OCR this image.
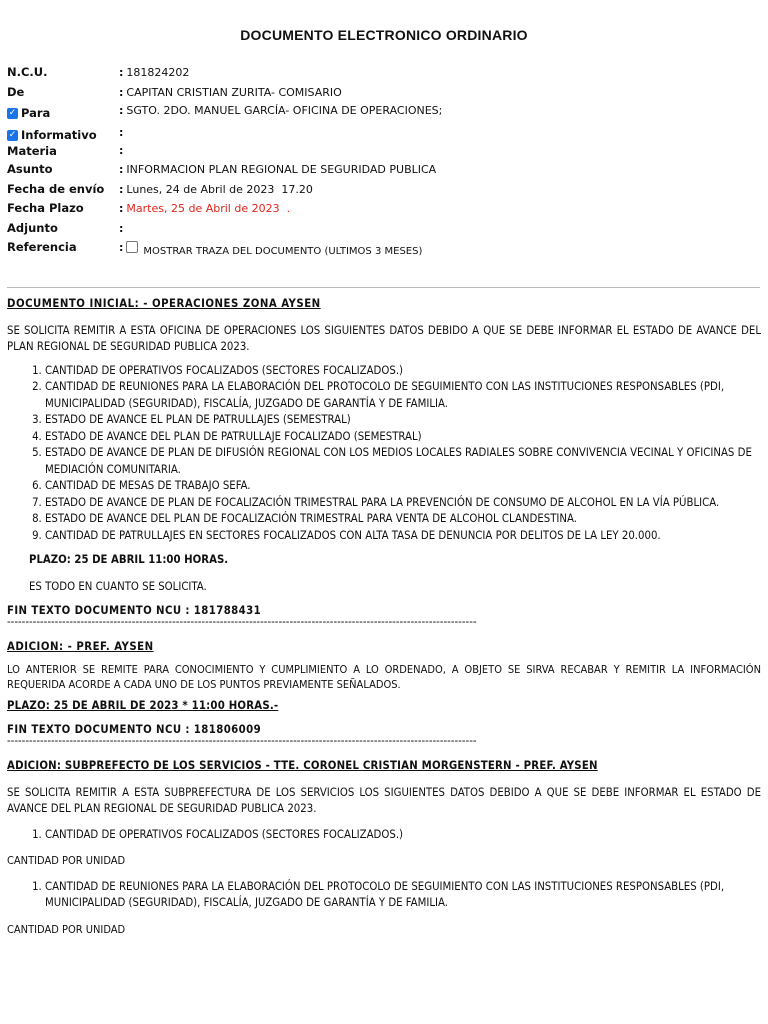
DOCUMENTO ELECTRONICO ORDINARIO
N.C.U.	: 181824202
De	: CAPITAN CRISTIAN ZURITA- COMISARIO
✓ Para	: SGTO. 2DO. MANUEL GARCÍA- OFICINA DE OPERACIONES;
✓ Informativo :
Materia	:
Asunto	: INFORMACION PLAN REGIONAL DE SEGURIDAD PUBLICA
Fecha de envío : Lunes, 24 de Abril de 2023  17.20
Fecha Plazo	: Martes, 25 de Abril de 2023  .
Adjunto	:
Referencia	: MOSTRAR TRAZA DEL DOCUMENTO (ULTIMOS 3 MESES)
DOCUMENTO INICIAL: - OPERACIONES ZONA AYSEN
SE SOLICITA REMITIR A ESTA OFICINA DE OPERACIONES LOS SIGUIENTES DATOS DEBIDO A QUE SE DEBE INFORMAR EL ESTADO DE AVANCE DEL PLAN REGIONAL DE SEGURIDAD PUBLICA 2023.
1. CANTIDAD DE OPERATIVOS FOCALIZADOS (SECTORES FOCALIZADOS.)
2. CANTIDAD DE REUNIONES PARA LA ELABORACIÓN DEL PROTOCOLO DE SEGUIMIENTO CON LAS INSTITUCIONES RESPONSABLES (PDI, MUNICIPALIDAD (SEGURIDAD), FISCALÍA, JUZGADO DE GARANTÍA Y DE FAMILIA.
3. ESTADO DE AVANCE EL PLAN DE PATRULLAJES (SEMESTRAL)
4. ESTADO DE AVANCE DEL PLAN DE PATRULLAJE FOCALIZADO (SEMESTRAL)
5. ESTADO DE AVANCE DE PLAN DE DIFUSIÓN REGIONAL CON LOS MEDIOS LOCALES RADIALES SOBRE CONVIVENCIA VECINAL Y OFICINAS DE MEDIACIÓN COMUNITARIA.
6. CANTIDAD DE MESAS DE TRABAJO SEFA.
7. ESTADO DE AVANCE DE PLAN DE FOCALIZACIÓN TRIMESTRAL PARA LA PREVENCIÓN DE CONSUMO DE ALCOHOL EN LA VÍA PÚBLICA.
8. ESTADO DE AVANCE DEL PLAN DE FOCALIZACIÓN TRIMESTRAL PARA VENTA DE ALCOHOL CLANDESTINA.
9. CANTIDAD DE PATRULLAJES EN SECTORES FOCALIZADOS CON ALTA TASA DE DENUNCIA POR DELITOS DE LA LEY 20.000.
PLAZO: 25 DE ABRIL 11:00 HORAS.
ES TODO EN CUANTO SE SOLICITA.
FIN TEXTO DOCUMENTO NCU : 181788431
--------------------------------------------------------------------------------------------------------------------------------
ADICION: - PREF. AYSEN
LO ANTERIOR SE REMITE PARA CONOCIMIENTO Y CUMPLIMIENTO A LO ORDENADO, A OBJETO SE SIRVA RECABAR Y REMITIR LA INFORMACIÓN REQUERIDA ACORDE A CADA UNO DE LOS PUNTOS PREVIAMENTE SEÑALADOS.
PLAZO: 25 DE ABRIL DE 2023 * 11:00 HORAS.-
FIN TEXTO DOCUMENTO NCU : 181806009
--------------------------------------------------------------------------------------------------------------------------------
ADICION: SUBPREFECTO DE LOS SERVICIOS - TTE. CORONEL CRISTIAN MORGENSTERN - PREF. AYSEN
SE SOLICITA REMITIR A ESTA SUBPREFECTURA DE LOS SERVICIOS LOS SIGUIENTES DATOS DEBIDO A QUE SE DEBE INFORMAR EL ESTADO DE AVANCE DEL PLAN REGIONAL DE SEGURIDAD PUBLICA 2023.
1. CANTIDAD DE OPERATIVOS FOCALIZADOS (SECTORES FOCALIZADOS.)
CANTIDAD POR UNIDAD
1. CANTIDAD DE REUNIONES PARA LA ELABORACIÓN DEL PROTOCOLO DE SEGUIMIENTO CON LAS INSTITUCIONES RESPONSABLES (PDI, MUNICIPALIDAD (SEGURIDAD), FISCALÍA, JUZGADO DE GARANTÍA Y DE FAMILIA.
CANTIDAD POR UNIDAD
